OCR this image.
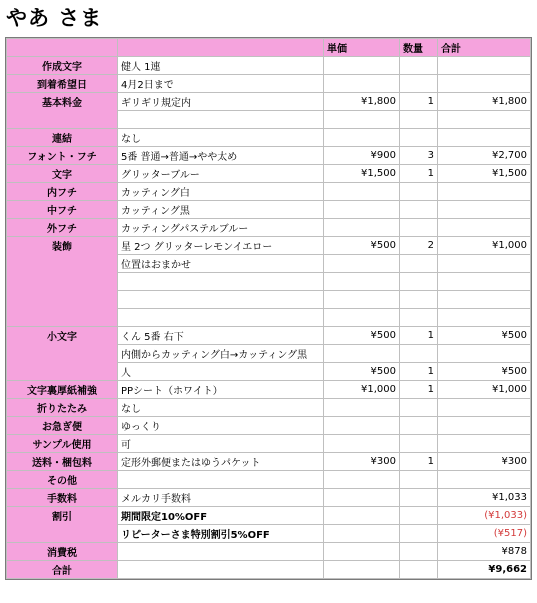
やあ さま
		単価	数量	合計
作成文字	健人 1連			
到着希望日	4月2日まで			
基本料金	ギリギリ規定内	¥1,800	1	¥1,800

連結	なし			
フォント・フチ	5番 普通→普通→やや太め	¥900	3	¥2,700
文字	グリッターブルー	¥1,500	1	¥1,500
内フチ	カッティング白			
中フチ	カッティング黒			
外フチ	カッティングパステルブルー			
装飾	星 2つ グリッターレモンイエロー	¥500	2	¥1,000
	位置はおまかせ			

小文字	くん 5番 右下	¥500	1	¥500
	内側からカッティング白→カッティング黒			
	人	¥500	1	¥500
文字裏厚紙補強	PPシート（ホワイト）	¥1,000	1	¥1,000
折りたたみ	なし			
お急ぎ便	ゆっくり			
サンプル使用	可			
送料・梱包料	定形外郵便またはゆうパケット	¥300	1	¥300
その他				
手数料	メルカリ手数料			¥1,033
割引	期間限定10%OFF			(¥1,033)
	リピーターさま特別割引5%OFF			(¥517)
消費税				¥878
合計				¥9,662
